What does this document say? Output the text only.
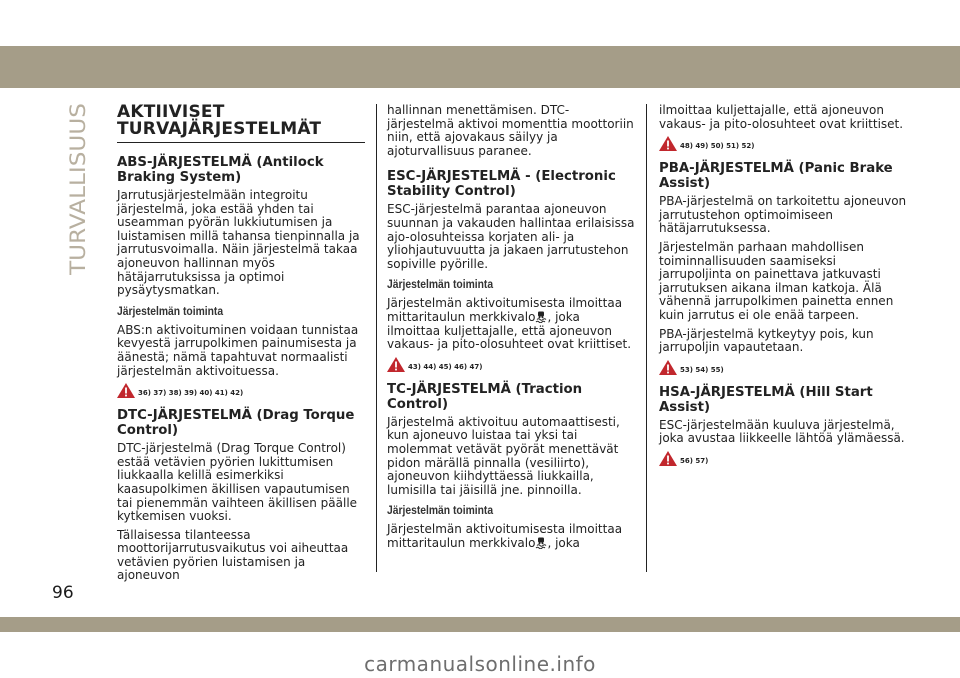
TURVALLISUUS
AKTIIVISET
TURVAJÄRJESTELMÄT
ABS-JÄRJESTELMÄ (Antilock Braking System)

Jarrutusjärjestelmään integroitu järjestelmä, joka estää yhden tai useamman pyörän lukkiutumisen ja luistamisen millä tahansa tienpinnalla ja jarrutusvoimalla. Näin järjestelmä takaa ajoneuvon hallinnan myös hätäjarrutuksissa ja optimoi pysäytysmatkan.

Järjestelmän toiminta

ABS:n aktivoituminen voidaan tunnistaa kevyestä jarrupolkimen painumisesta ja äänestä; nämä tapahtuvat normaalisti järjestelmän aktivoituessa.

36) 37) 38) 39) 40) 41) 42)
DTC-JÄRJESTELMÄ (Drag Torque Control)

DTC-järjestelmä (Drag Torque Control) estää vetävien pyörien lukittumisen liukkaalla kelillä esimerkiksi kaasupolkimen äkillisen vapautumisen tai pienemmän vaihteen äkillisen päälle kytkemisen vuoksi.

Tällaisessa tilanteessa moottorijarrutusvaikutus voi aiheuttaa vetävien pyörien luistamisen ja ajoneuvon

hallinnan menettämisen. DTC-järjestelmä aktivoi momenttia moottoriin niin, että ajovakaus säilyy ja ajoturvallisuus paranee.

ESC-JÄRJESTELMÄ - (Electronic Stability Control)

ESC-järjestelmä parantaa ajoneuvon suunnan ja vakauden hallintaa erilaisissa ajo-olosuhteissa korjaten ali- ja yliohjautuvuutta ja jakaen jarrutustehon sopiville pyörille.

Järjestelmän toiminta

Järjestelmän aktivoitumisesta ilmoittaa mittaritaulun merkkivalo , joka ilmoittaa kuljettajalle, että ajoneuvon vakaus- ja pito-olosuhteet ovat kriittiset.

43) 44) 45) 46) 47)
TC-JÄRJESTELMÄ (Traction Control)

Järjestelmä aktivoituu automaattisesti, kun ajoneuvo luistaa tai yksi tai molemmat vetävät pyörät menettävät pidon märällä pinnalla (vesiliirto), ajoneuvon kiihdyttäessä liukkailla, lumisilla tai jäisillä jne. pinnoilla.

Järjestelmän toiminta

Järjestelmän aktivoitumisesta ilmoittaa mittaritaulun merkkivalo , joka

ilmoittaa kuljettajalle, että ajoneuvon vakaus- ja pito-olosuhteet ovat kriittiset.

48) 49) 50) 51) 52)
PBA-JÄRJESTELMÄ (Panic Brake Assist)

PBA-järjestelmä on tarkoitettu ajoneuvon jarrutustehon optimoimiseen hätäjarrutuksessa.

Järjestelmän parhaan mahdollisen toiminnallisuuden saamiseksi jarrupoljinta on painettava jatkuvasti jarrutuksen aikana ilman katkoja. Älä vähennä jarrupolkimen painetta ennen kuin jarrutus ei ole enää tarpeen.

PBA-järjestelmä kytkeytyy pois, kun jarrupoljin vapautetaan.

53) 54) 55)
HSA-JÄRJESTELMÄ (Hill Start Assist)

ESC-järjestelmään kuuluva järjestelmä, joka avustaa liikkeelle lähtöä ylämäessä.

56) 57)
96
carmanualsonline.info
